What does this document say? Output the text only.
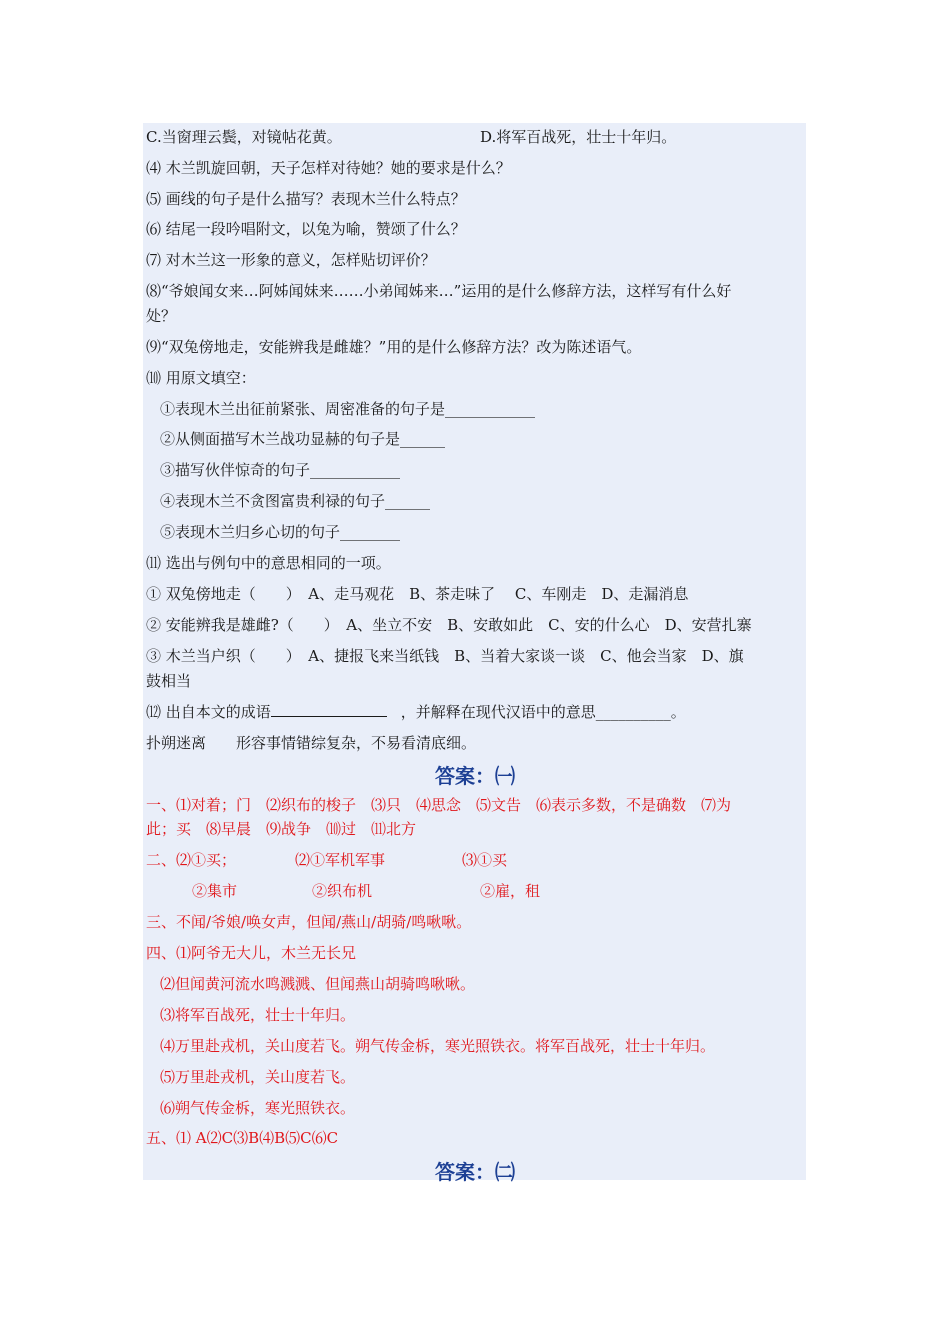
C.当窗理云鬓，对镜帖花黄。	D.将军百战死，壮士十年归。
⑷ 木兰凯旋回朝，天子怎样对待她？她的要求是什么？
⑸ 画线的句子是什么描写？表现木兰什么特点？
⑹ 结尾一段吟唱附文，以兔为喻，赞颂了什么？
⑺ 对木兰这一形象的意义，怎样贴切评价？
⑻“爷娘闻女来…阿姊闻妹来……小弟闻姊来…”运用的是什么修辞方法，这样写有什么好
处？
⑼“双兔傍地走，安能辨我是雌雄？”用的是什么修辞方法？改为陈述语气。
⑽ 用原文填空：
①表现木兰出征前紧张、周密准备的句子是____________
②从侧面描写木兰战功显赫的句子是______
③描写伙伴惊奇的句子____________
④表现木兰不贪图富贵利禄的句子______
⑤表现木兰归乡心切的句子________
⑾ 选出与例句中的意思相同的一项。
① 双兔傍地走（　　）　A、走马观花　B、茶走味了　 C、车刚走　D、走漏消息
② 安能辨我是雄雌?（　　）　A、坐立不安　B、安敢如此　C、安的什么心　D、安营扎寨
③ 木兰当户织（　　）　A、捷报飞来当纸钱　B、当着大家谈一谈　C、他会当家　D、旗
鼓相当
⑿ 出自本文的成语	，并解释在现代汉语中的意思__________。
扑朔迷离　　形容事情错综复杂，不易看清底细。
答案：㈠
一、⑴对着；门　⑵织布的梭子　⑶只　⑷思念　⑸文告　⑹表示多数，不是确数　⑺为
此；买　⑻早晨　⑼战争　⑽过　⑾北方
二、⑵①买；	⑵①军机军事	⑶①买
②集市	②织布机	②雇，租
三、不闻/爷娘/唤女声，但闻/燕山/胡骑/鸣啾啾。
四、⑴阿爷无大儿，木兰无长兄
⑵但闻黄河流水鸣溅溅、但闻燕山胡骑鸣啾啾。
⑶将军百战死，壮士十年归。
⑷万里赴戎机，关山度若飞。朔气传金柝，寒光照铁衣。将军百战死，壮士十年归。
⑸万里赴戎机，关山度若飞。
⑹朔气传金柝，寒光照铁衣。
五、⑴ A⑵C⑶B⑷B⑸C⑹C
答案：㈡
